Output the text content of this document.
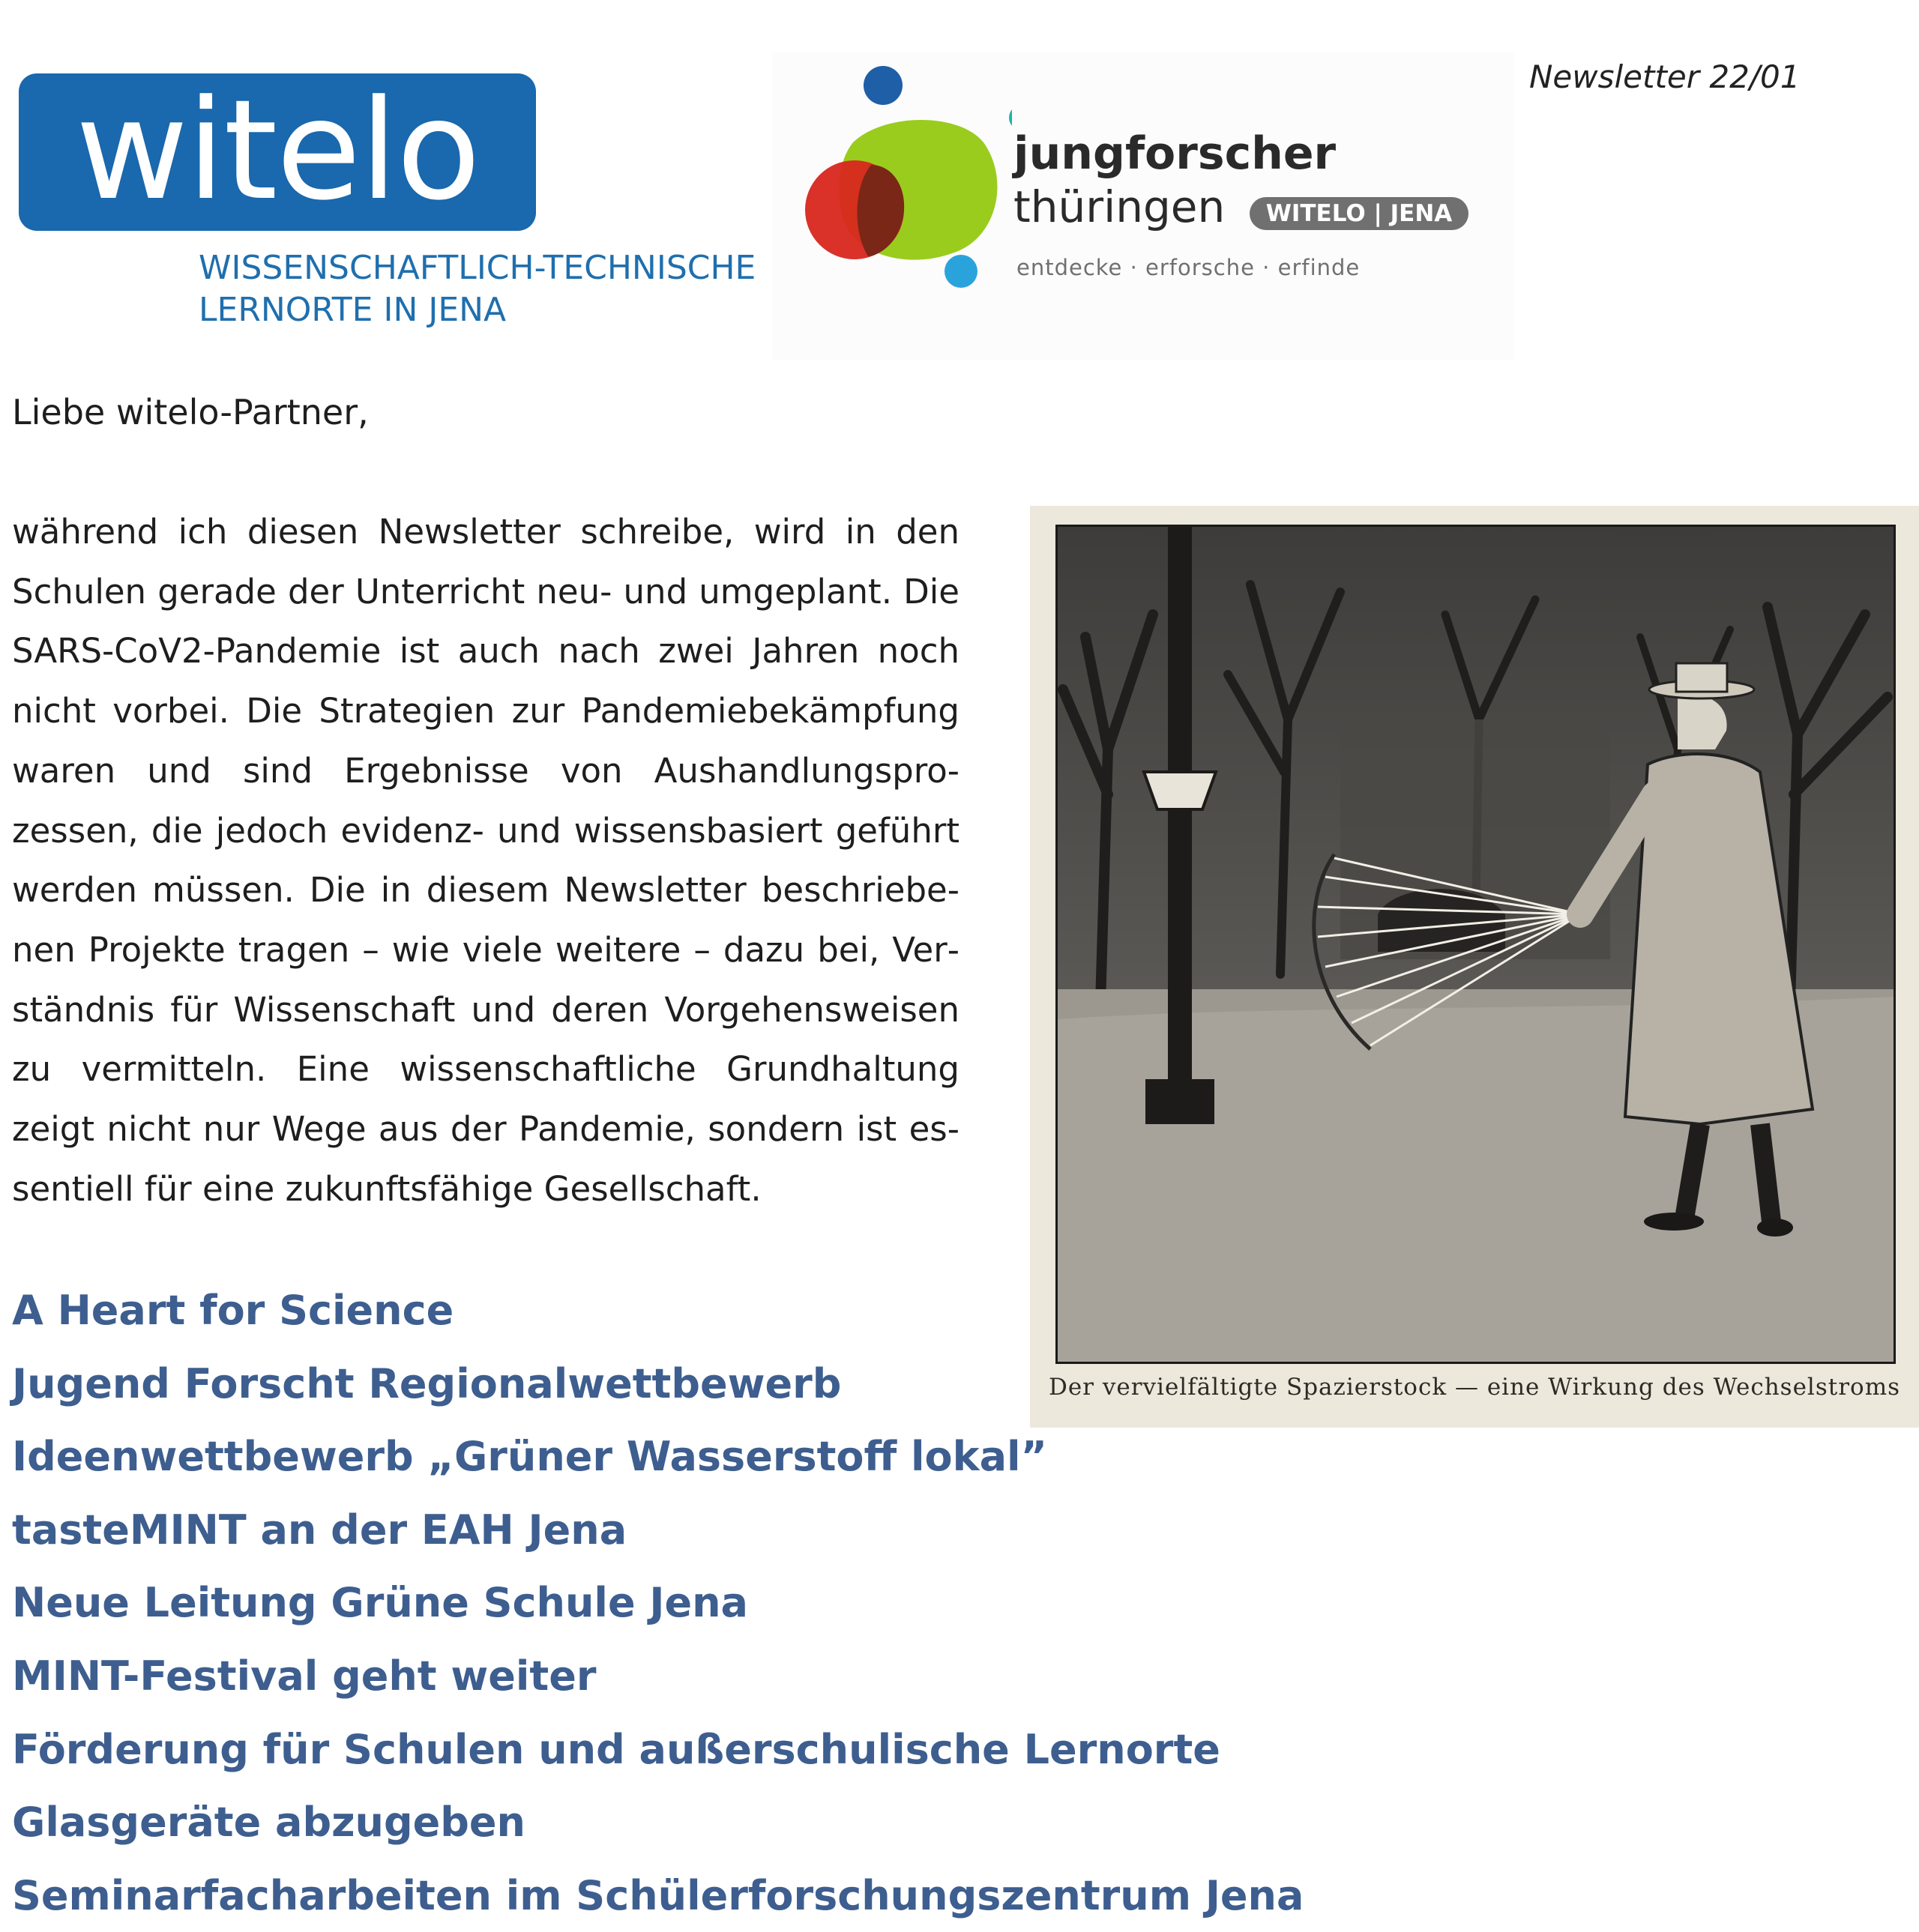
witelo
WISSENSCHAFTLICH-TECHNISCHE
LERNORTE IN JENA
jungforscher
thüringen	WITELO | JENA
entdecke · erforsche · erfinde
Newsletter 22/01
Liebe witelo-Partner,
während ich diesen Newsletter schreibe, wird in den Schulen gerade der Unterricht neu- und umgeplant. Die SARS-CoV2-Pandemie ist auch nach zwei Jahren noch nicht vorbei. Die Strategien zur Pandemiebekämpfung waren und sind Ergebnisse von Aushandlungsprozessen, die jedoch evidenz- und wissensbasiert geführt werden müssen. Die in diesem Newsletter beschriebenen Projekte tragen – wie viele weitere – dazu bei, Verständnis für Wissenschaft und deren Vorgehensweisen zu vermitteln. Eine wissenschaftliche Grundhaltung zeigt nicht nur Wege aus der Pandemie, sondern ist essentiell für eine zukunftsfähige Gesellschaft.
Der vervielfältigte Spazierstock — eine Wirkung des Wechselstroms
A Heart for Science
Jugend Forscht Regionalwettbewerb
Ideenwettbewerb „Grüner Wasserstoff lokal”
tasteMINT an der EAH Jena
Neue Leitung Grüne Schule Jena
MINT-Festival geht weiter
Förderung für Schulen und außerschulische Lernorte
Glasgeräte abzugeben
Seminarfacharbeiten im Schülerforschungszentrum Jena
